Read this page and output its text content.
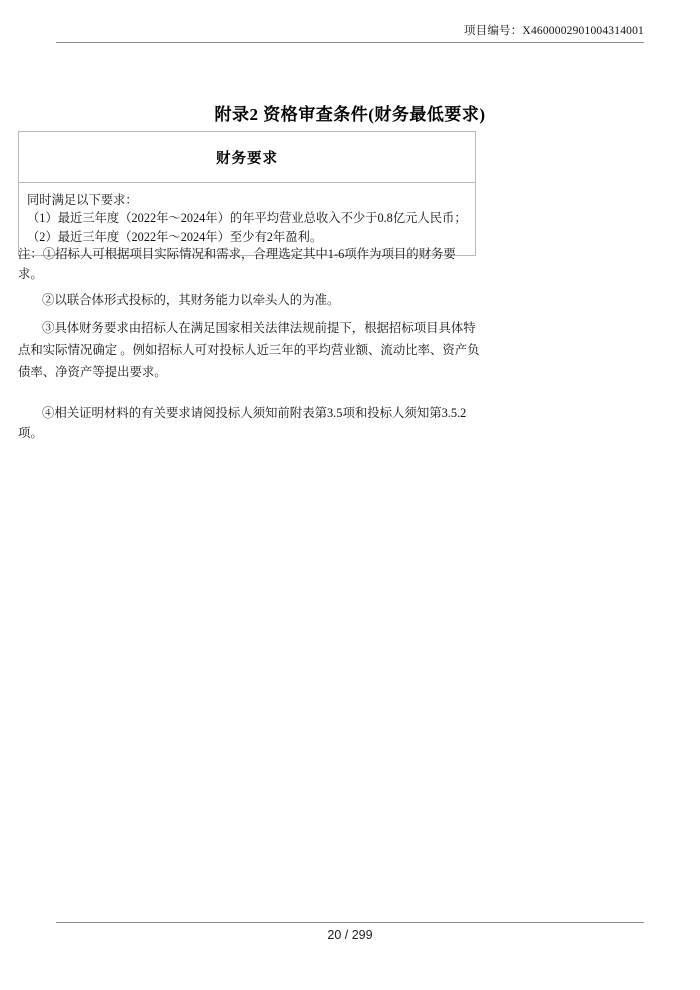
项目编号：X4600002901004314001
附录2 资格审查条件(财务最低要求)
财务要求
同时满足以下要求：
（1）最近三年度（2022年～2024年）的年平均营业总收入不少于0.8亿元人民币；
（2）最近三年度（2022年～2024年）至少有2年盈利。
注：①招标人可根据项目实际情况和需求，合理选定其中1-6项作为项目的财务要求。
②以联合体形式投标的，其财务能力以牵头人的为准。
③具体财务要求由招标人在满足国家相关法律法规前提下，根据招标项目具体特点和实际情况确定 。例如招标人可对投标人近三年的平均营业额、流动比率、资产负债率、净资产等提出要求。
④相关证明材料的有关要求请阅投标人须知前附表第3.5项和投标人须知第3.5.2项。
20 / 299
